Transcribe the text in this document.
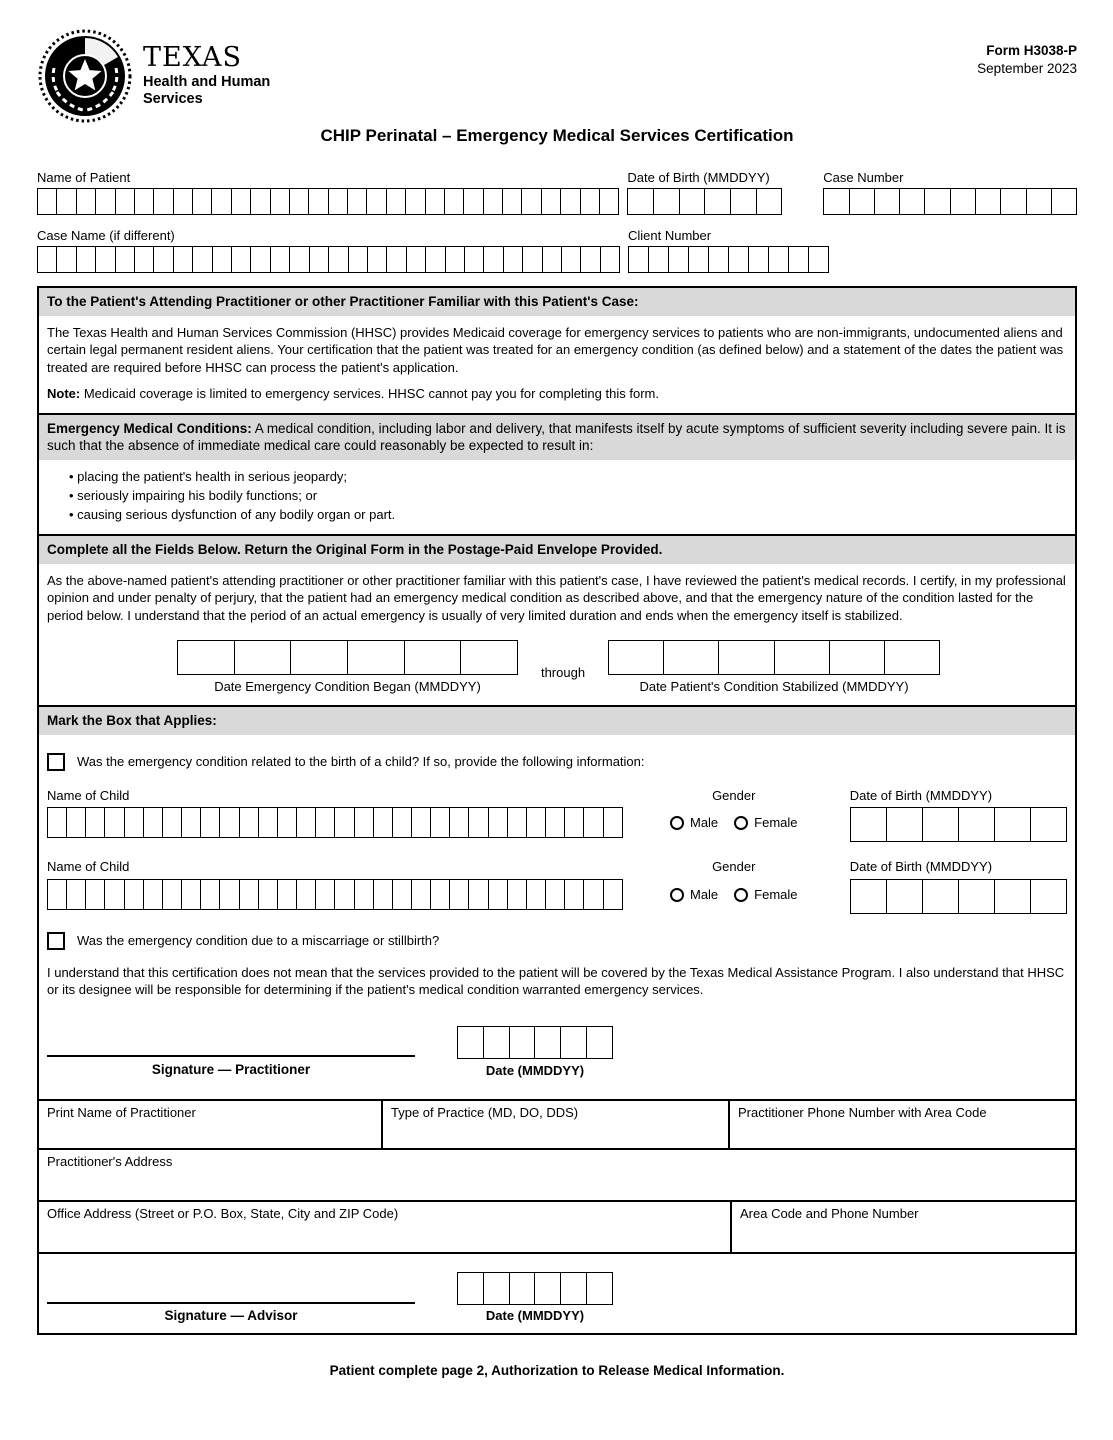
TEXAS
Health and Human
Services
Form H3038-P
September 2023
CHIP Perinatal – Emergency Medical Services Certification
Name of Patient	Date of Birth (MMDDYY)	Case Number
Case Name (if different)	Client Number
To the Patient's Attending Practitioner or other Practitioner Familiar with this Patient's Case:

The Texas Health and Human Services Commission (HHSC) provides Medicaid coverage for emergency services to patients who are non-immigrants, undocumented aliens and certain legal permanent resident aliens. Your certification that the patient was treated for an emergency condition (as defined below) and a statement of the dates the patient was treated are required before HHSC can process the patient's application.

Note: Medicaid coverage is limited to emergency services. HHSC cannot pay you for completing this form.

Emergency Medical Conditions: A medical condition, including labor and delivery, that manifests itself by acute symptoms of sufficient severity including severe pain. It is such that the absence of immediate medical care could reasonably be expected to result in:
• placing the patient's health in serious jeopardy;
• seriously impairing his bodily functions; or
• causing serious dysfunction of any bodily organ or part.
Complete all the Fields Below. Return the Original Form in the Postage-Paid Envelope Provided.

As the above-named patient's attending practitioner or other practitioner familiar with this patient's case, I have reviewed the patient's medical records. I certify, in my professional opinion and under penalty of perjury, that the patient had an emergency medical condition as described above, and that the emergency nature of the condition lasted for the period below. I understand that the period of an actual emergency is usually of very limited duration and ends when the emergency itself is stabilized.

Date Emergency Condition Began (MMDDYY)
through
Date Patient's Condition Stabilized (MMDDYY)
Mark the Box that Applies:
Was the emergency condition related to the birth of a child? If so, provide the following information:
Name of Child	Gender
Male	Female
Date of Birth (MMDDYY)
Name of Child	Gender
Male	Female
Date of Birth (MMDDYY)
Was the emergency condition due to a miscarriage or stillbirth?

I understand that this certification does not mean that the services provided to the patient will be covered by the Texas Medical Assistance Program. I also understand that HHSC or its designee will be responsible for determining if the patient's medical condition warranted emergency services.

Signature — Practitioner	Date (MMDDYY)
Print Name of Practitioner	Type of Practice (MD, DO, DDS)	Practitioner Phone Number with Area Code
Practitioner's Address
Office Address (Street or P.O. Box, State, City and ZIP Code)	Area Code and Phone Number
Signature — Advisor	Date (MMDDYY)
Patient complete page 2, Authorization to Release Medical Information.
